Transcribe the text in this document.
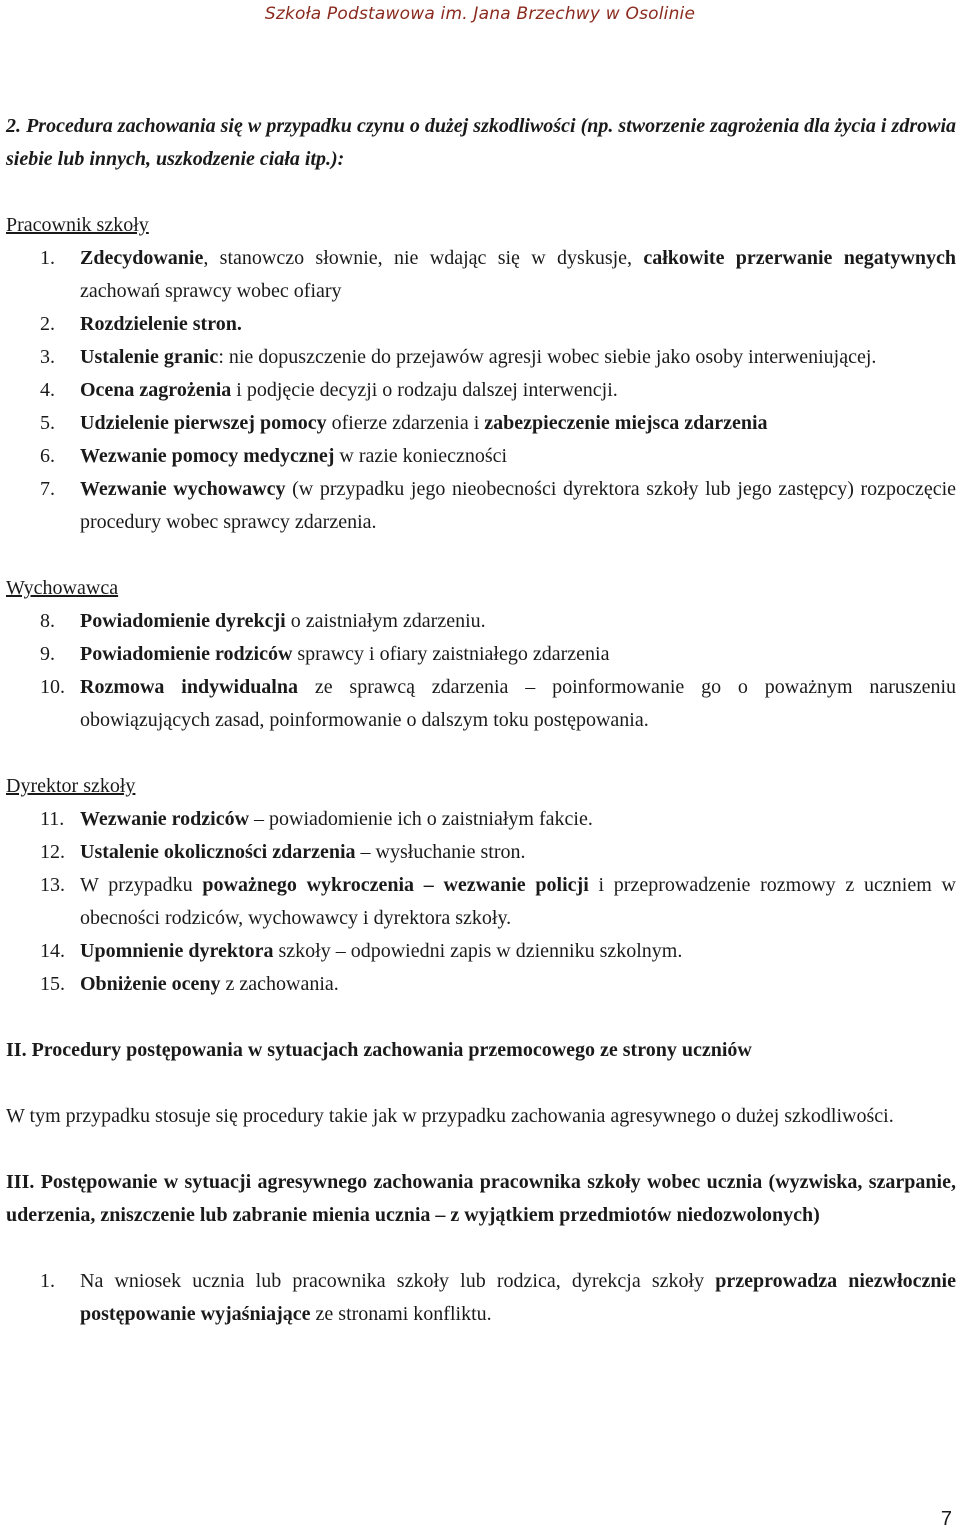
Szkoła Podstawowa im. Jana Brzechwy w Osolinie

2. Procedura zachowania się w przypadku czynu o dużej szkodliwości (np. stworzenie zagrożenia dla życia i zdrowia siebie lub innych, uszkodzenie ciała itp.):

Pracownik szkoły
1. Zdecydowanie, stanowczo słownie, nie wdając się w dyskusje, całkowite przerwanie negatywnych zachowań sprawcy wobec ofiary
2. Rozdzielenie stron.
3. Ustalenie granic: nie dopuszczenie do przejawów agresji wobec siebie jako osoby interweniującej.
4. Ocena zagrożenia i podjęcie decyzji o rodzaju dalszej interwencji.
5. Udzielenie pierwszej pomocy ofierze zdarzenia i zabezpieczenie miejsca zdarzenia
6. Wezwanie pomocy medycznej w razie konieczności
7. Wezwanie wychowawcy (w przypadku jego nieobecności dyrektora szkoły lub jego zastępcy) rozpoczęcie procedury wobec sprawcy zdarzenia.
Wychowawca
8. Powiadomienie dyrekcji o zaistniałym zdarzeniu.
9. Powiadomienie rodziców sprawcy i ofiary zaistniałego zdarzenia
10. Rozmowa indywidualna ze sprawcą zdarzenia – poinformowanie go o poważnym naruszeniu obowiązujących zasad, poinformowanie o dalszym toku postępowania.
Dyrektor szkoły
11. Wezwanie rodziców – powiadomienie ich o zaistniałym fakcie.
12. Ustalenie okoliczności zdarzenia – wysłuchanie stron.
13. W przypadku poważnego wykroczenia – wezwanie policji i przeprowadzenie rozmowy z uczniem w obecności rodziców, wychowawcy i dyrektora szkoły.
14. Upomnienie dyrektora szkoły – odpowiedni zapis w dzienniku szkolnym.
15. Obniżenie oceny z zachowania.

II. Procedury postępowania w sytuacjach zachowania przemocowego ze strony uczniów

W tym przypadku stosuje się procedury takie jak w przypadku zachowania agresywnego o dużej szkodliwości.

III. Postępowanie w sytuacji agresywnego zachowania pracownika szkoły wobec ucznia (wyzwiska, szarpanie, uderzenia, zniszczenie lub zabranie mienia ucznia – z wyjątkiem przedmiotów niedozwolonych)

1. Na wniosek ucznia lub pracownika szkoły lub rodzica, dyrekcja szkoły przeprowadza niezwłocznie postępowanie wyjaśniające ze stronami konfliktu.
7
